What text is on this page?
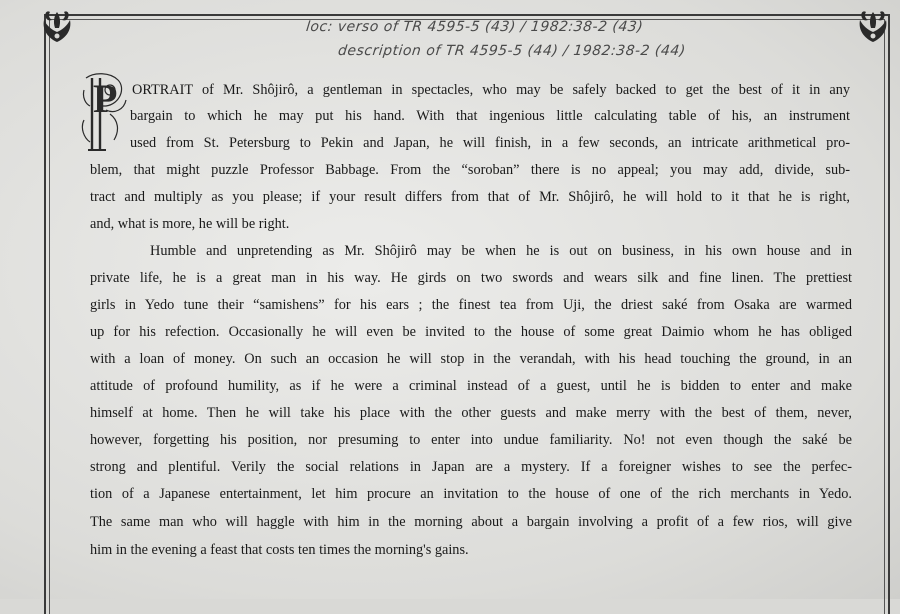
loc: verso of TR 4595-5 (43) / 1982:38-2 (43)
description of TR 4595-5 (44) / 1982:38-2 (44)
P ORTRAIT of Mr. Shôjirô, a gentleman in spectacles, who may be safely backed to get the best of it in any
bargain to which he may put his hand. With that ingenious little calculating table of his, an instrument
used from St. Petersburg to Pekin and Japan, he will finish, in a few seconds, an intricate arithmetical pro-
blem, that might puzzle Professor Babbage. From the “soroban” there is no appeal; you may add, divide, sub-
tract and multiply as you please; if your result differs from that of Mr. Shôjirô, he will hold to it that he is right,
and, what is more, he will be right.
Humble and unpretending as Mr. Shôjirô may be when he is out on business, in his own house and in
private life, he is a great man in his way. He girds on two swords and wears silk and fine linen. The prettiest
girls in Yedo tune their “samishens” for his ears ; the finest tea from Uji, the driest saké from Osaka are warmed
up for his refection. Occasionally he will even be invited to the house of some great Daimio whom he has obliged
with a loan of money. On such an occasion he will stop in the verandah, with his head touching the ground, in an
attitude of profound humility, as if he were a criminal instead of a guest, until he is bidden to enter and make
himself at home. Then he will take his place with the other guests and make merry with the best of them, never,
however, forgetting his position, nor presuming to enter into undue familiarity. No! not even though the saké be
strong and plentiful. Verily the social relations in Japan are a mystery. If a foreigner wishes to see the perfec-
tion of a Japanese entertainment, let him procure an invitation to the house of one of the rich merchants in Yedo.
The same man who will haggle with him in the morning about a bargain involving a profit of a few rios, will give
him in the evening a feast that costs ten times the morning's gains.
